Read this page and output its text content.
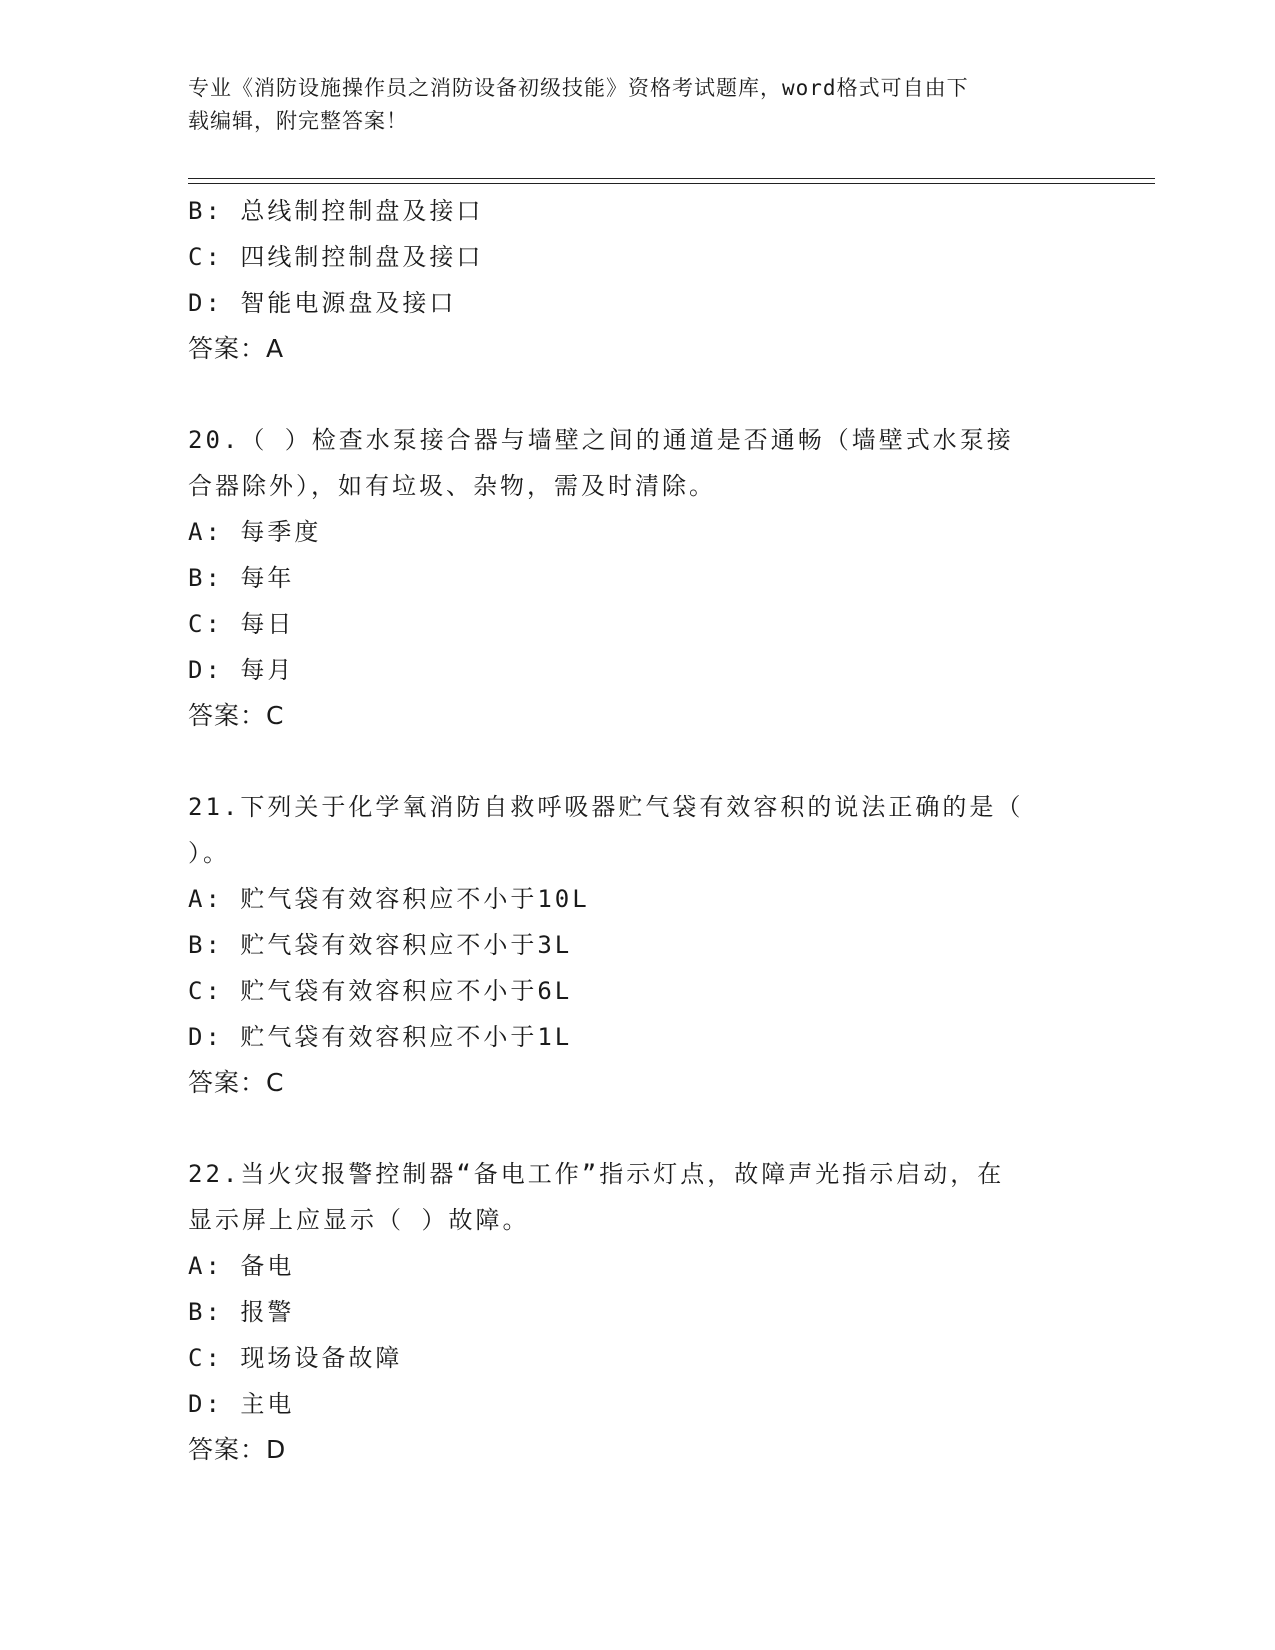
专业《消防设施操作员之消防设备初级技能》资格考试题库，word格式可自由下
载编辑，附完整答案！
B: 总线制控制盘及接口
C: 四线制控制盘及接口
D: 智能电源盘及接口
答案：A
20.（ ）检查水泵接合器与墙壁之间的通道是否通畅（墙壁式水泵接
合器除外），如有垃圾、杂物，需及时清除。
A: 每季度
B: 每年
C: 每日
D: 每月
答案：C
21.下列关于化学氧消防自救呼吸器贮气袋有效容积的说法正确的是（
）。
A: 贮气袋有效容积应不小于10L
B: 贮气袋有效容积应不小于3L
C: 贮气袋有效容积应不小于6L
D: 贮气袋有效容积应不小于1L
答案：C
22.当火灾报警控制器“备电工作”指示灯点，故障声光指示启动，在
显示屏上应显示（ ）故障。
A: 备电
B: 报警
C: 现场设备故障
D: 主电
答案：D
